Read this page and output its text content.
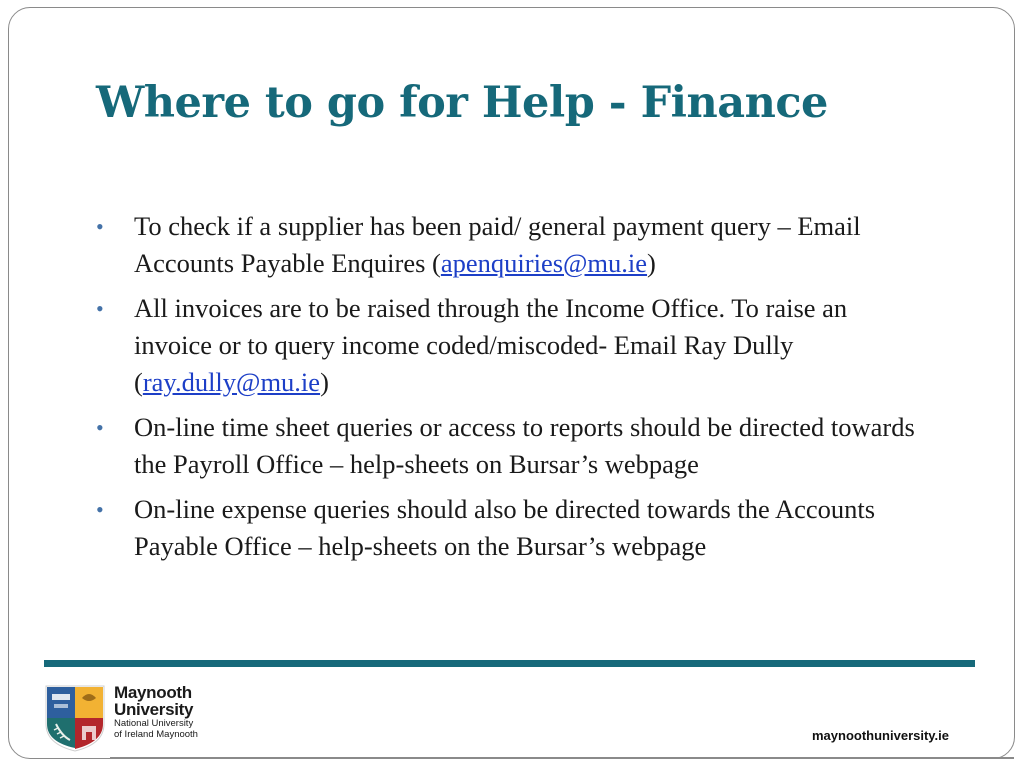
Where to go for Help - Finance
• To check if a supplier has been paid/ general payment query – Email Accounts Payable Enquires (apenquiries@mu.ie)
• All invoices are to be raised through the Income Office. To raise an invoice or to query income coded/miscoded- Email Ray Dully (ray.dully@mu.ie)
• On-line time sheet queries or access to reports should be directed towards the Payroll Office – help-sheets on Bursar’s webpage
• On-line expense queries should also be directed towards the Accounts Payable Office – help-sheets on the Bursar’s webpage
Maynooth
University
National University
of Ireland Maynooth	maynoothuniversity.ie
